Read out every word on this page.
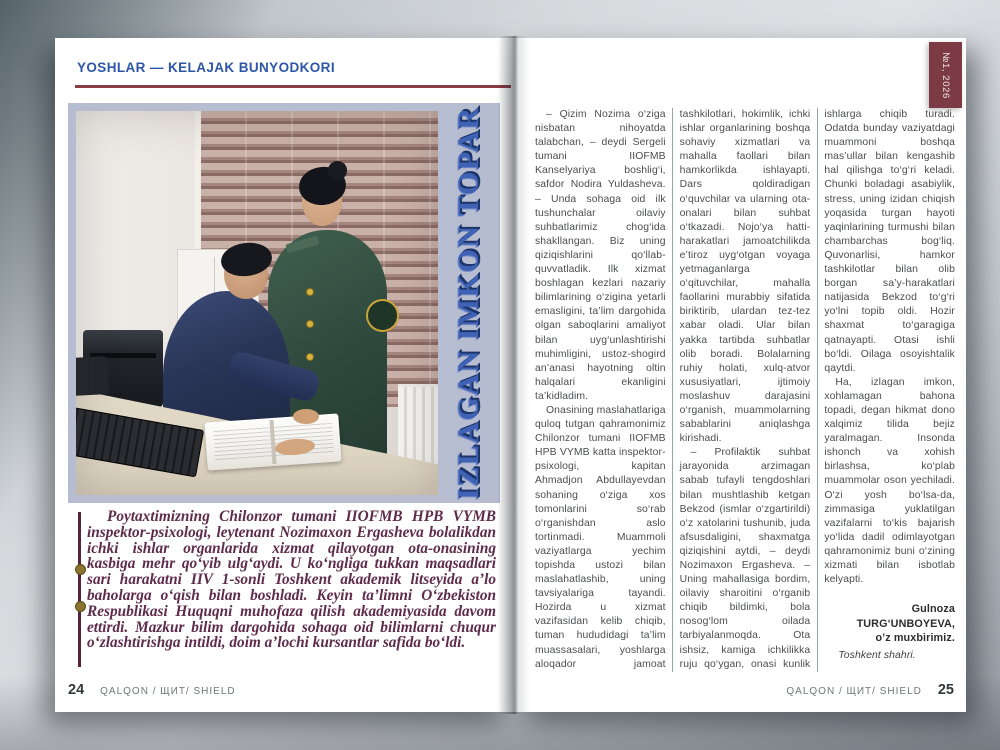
YOSHLAR — KELAJAK BUNYODKORI
IZLAGAN IMKON TOPAR
Poytaxtimizning Chilonzor tumani IIOFMB HPB VYMB inspektor-psixologi, leytenant Nozimaxon Ergasheva bolalikdan ichki ishlar organlarida xizmat qilayotgan ota-onasining kasbiga mehr qo‘yib ulg‘aydi. U ko‘ngliga tukkan maqsadlari sari harakatni IIV 1-sonli Toshkent akademik litseyida a’lo baholarga o‘qish bilan boshladi. Keyin ta’limni O‘zbekiston Respublikasi Huquqni muhofaza qilish akademiyasida davom ettirdi. Mazkur bilim dargohida sohaga oid bilimlarni chuqur o‘zlashtirishga intildi, doim a’lochi kursantlar safida bo‘ldi.
24 QALQON / ЩИТ/ SHIELD
№1, 2026

– Qizim Nozima o‘ziga nisbatan nihoyatda talabchan, – deydi Sergeli tumani IIOFMB Kanselyariya boshlig‘i, safdor Nodira Yuldasheva. – Unda sohaga oid ilk tushunchalar oilaviy suhbatlarimiz chog‘ida shakllangan. Biz uning qiziqishlarini qo‘llab-quvvatladik. Ilk xizmat boshlagan kezlari nazariy bilimlarining o‘zigina yetarli emasligini, ta’lim dargohida olgan saboqlarini amaliyot bilan uyg‘unlashtirishi muhimligini, ustoz-shogird an’anasi hayotning oltin halqalari ekanligini ta’kidladim.

Onasining maslahatlariga quloq tutgan qahramonimiz Chilonzor tumani IIOFMB HPB VYMB katta inspektor-psixologi, kapitan Ahmadjon Abdullayevdan sohaning o‘ziga xos tomonlarini so‘rab o‘rganishdan aslo tortinmadi. Muammoli vaziyatlarga yechim topishda ustozi bilan maslahatlashib, uning tavsiyalariga tayandi. Hozirda u xizmat vazifasidan kelib chiqib, tuman hududidagi ta’lim muassasalari, yoshlarga aloqador jamoat tashkilotlari, hokimlik, ichki ishlar organlarining boshqa sohaviy xizmatlari va mahalla faollari bilan hamkorlikda ishlayapti. Dars qoldiradigan o‘quvchilar va ularning ota-onalari bilan suhbat o‘tkazadi. Nojo‘ya hatti-harakatlari jamoatchilikda e’tiroz uyg‘otgan voyaga yetmaganlarga o‘qituvchilar, mahalla faollarini murabbiy sifatida biriktirib, ulardan tez-tez xabar oladi. Ular bilan yakka tartibda suhbatlar olib boradi. Bolalarning ruhiy holati, xulq-atvor xususiyatlari, ijtimoiy moslashuv darajasini o‘rganish, muammolarning sabablarini aniqlashga kirishadi.

– Profilaktik suhbat jarayonida arzimagan sabab tufayli tengdoshlari bilan mushtlashib ketgan Bekzod (ismlar o‘zgartirildi) o‘z xatolarini tushunib, juda afsusdaligini, shaxmatga qiziqishini aytdi, – deydi Nozimaxon Ergasheva. – Uning mahallasiga bordim, oilaviy sharoitini o‘rganib chiqib bildimki, bola nosog‘lom oilada tarbiyalanmoqda. Ota ishsiz, kamiga ichkilikka ruju qo‘ygan, onasi kunlik ishlarga chiqib turadi. Odatda bunday vaziyatdagi muammoni boshqa mas’ullar bilan kengashib hal qilishga to‘g‘ri keladi. Chunki boladagi asabiylik, stress, uning izidan chiqish yoqasida turgan hayoti yaqinlarining turmushi bilan chambarchas bog‘liq. Quvonarlisi, hamkor tashkilotlar bilan olib borgan sa’y-harakatlari natijasida Bekzod to‘g‘ri yo‘lni topib oldi. Hozir shaxmat to‘garagiga qatnayapti. Otasi ishli bo‘ldi. Oilaga osoyishtalik qaytdi.

Ha, izlagan imkon, xohlamagan bahona topadi, degan hikmat dono xalqimiz tilida bejiz yaralmagan. Insonda ishonch va xohish birlashsa, ko‘plab muammolar oson yechiladi. O‘zi yosh bo‘lsa-da, zimmasiga yuklatilgan vazifalarni to‘kis bajarish yo‘lida dadil odimlayotgan qahramonimiz buni o‘zining xizmati bilan isbotlab kelyapti.

Gulnoza TURG‘UNBOYEVA,
o’z muxbirimiz.

Toshkent shahri.

QALQON / ЩИТ/ SHIELD 25
